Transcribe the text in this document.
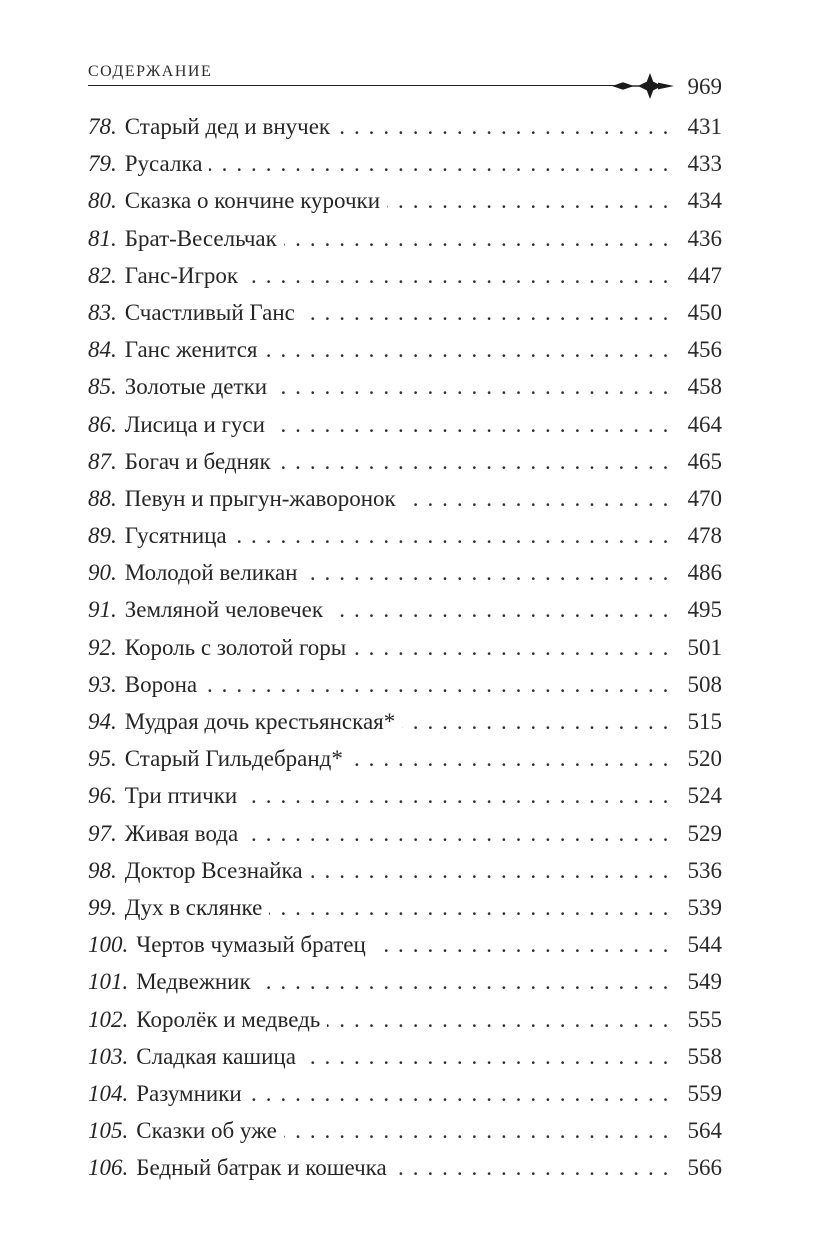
СОДЕРЖАНИЕ
969
78. Старый дед и внучек . . .	431
79. Русалка . . .	433
80. Сказка о кончине курочки . . .	434
81. Брат-Весельчак . . .	436
82. Ганс-Игрок . . .	447
83. Счастливый Ганс . . .	450
84. Ганс женится . . .	456
85. Золотые детки . . .	458
86. Лисица и гуси . . .	464
87. Богач и бедняк . . .	465
88. Певун и прыгун-жаворонок . . .	470
89. Гусятница . . .	478
90. Молодой великан . . .	486
91. Земляной человечек . . .	495
92. Король с золотой горы . . .	501
93. Ворона . . .	508
94. Мудрая дочь крестьянская* . . .	515
95. Старый Гильдебранд* . . .	520
96. Три птички . . .	524
97. Живая вода . . .	529
98. Доктор Всезнайка . . .	536
99. Дух в склянке . . .	539
100. Чертов чумазый братец . . .	544
101. Медвежник . . .	549
102. Королёк и медведь . . .	555
103. Сладкая кашица . . .	558
104. Разумники . . .	559
105. Сказки об уже . . .	564
106. Бедный батрак и кошечка . . .	566
